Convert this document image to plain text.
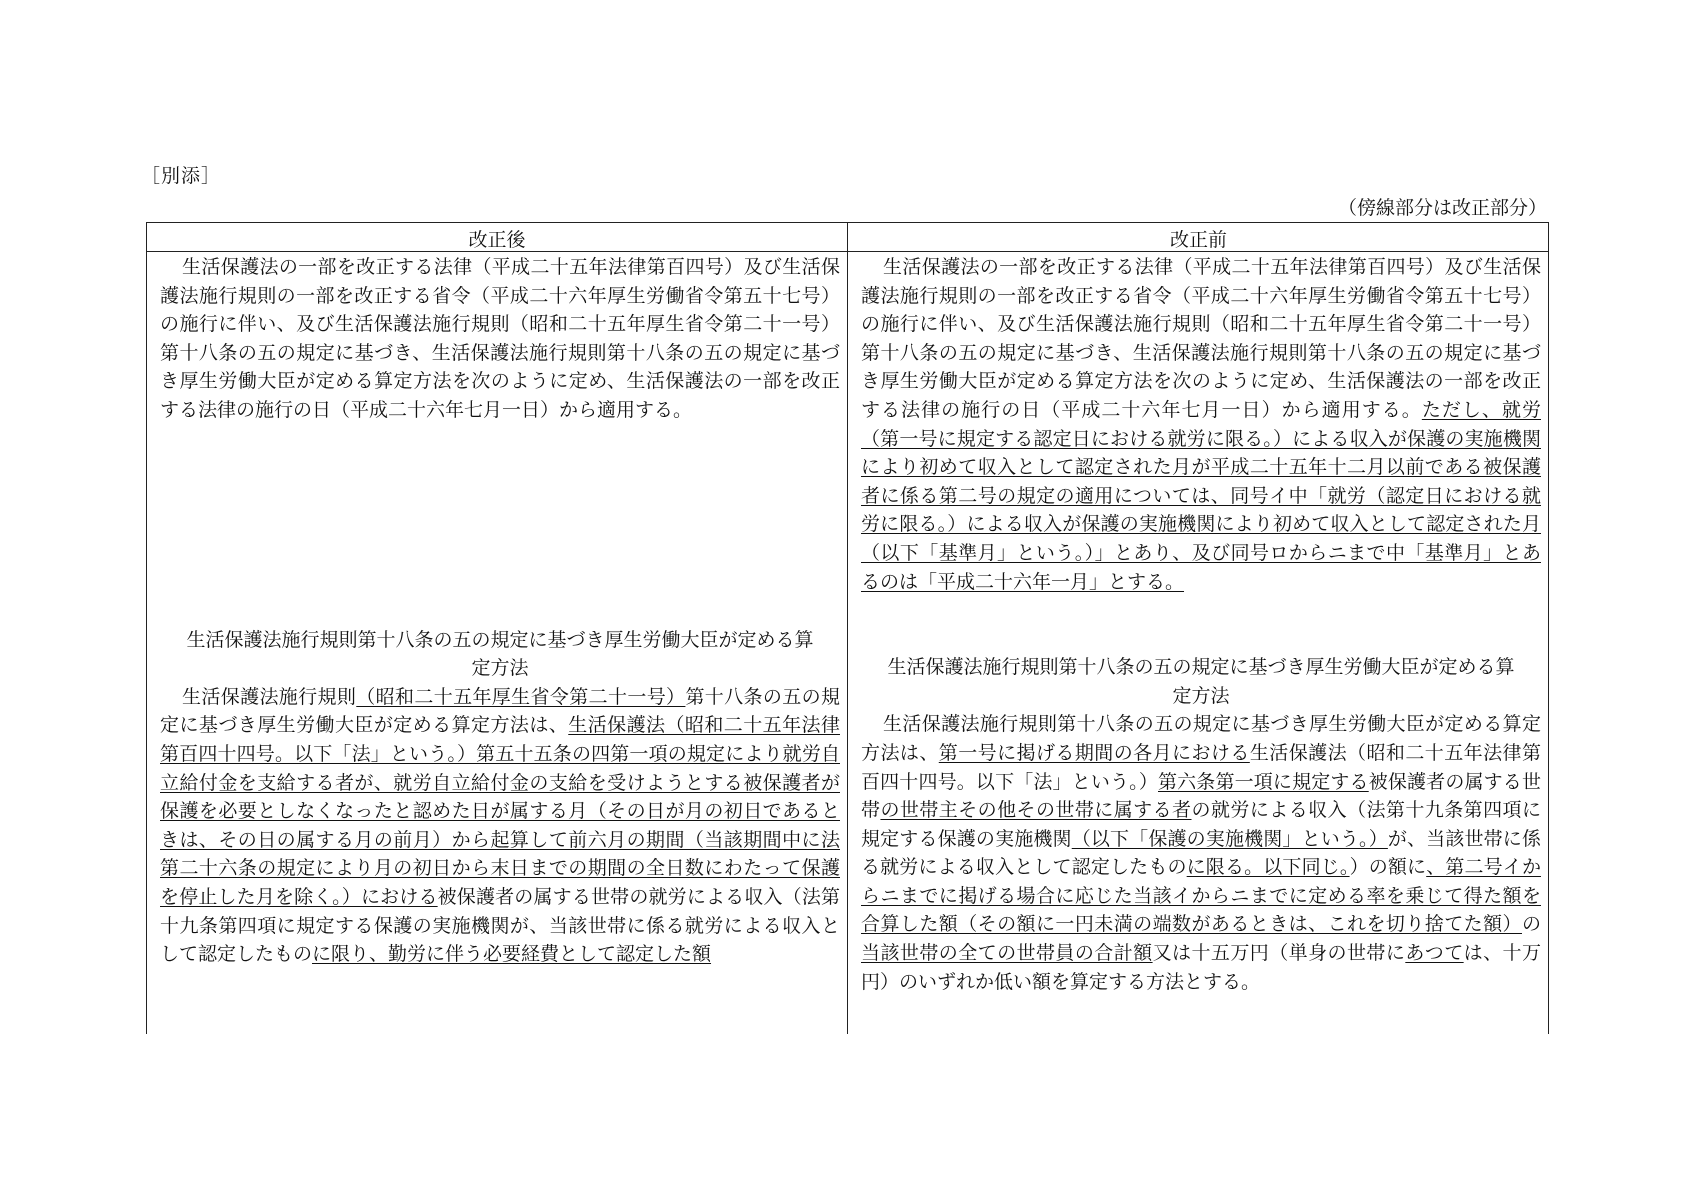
［別添］
（傍線部分は改正部分）
改正後	改正前

生活保護法の一部を改正する法律（平成二十五年法律第百四号）及び生活保護法施行規則の一部を改正する省令（平成二十六年厚生労働省令第五十七号）の施行に伴い、及び生活保護法施行規則（昭和二十五年厚生省令第二十一号）第十八条の五の規定に基づき、生活保護法施行規則第十八条の五の規定に基づき厚生労働大臣が定める算定方法を次のように定め、生活保護法の一部を改正する法律の施行の日（平成二十六年七月一日）から適用する。

生活保護法施行規則第十八条の五の規定に基づき厚生労働大臣が定める算定方法

生活保護法施行規則（昭和二十五年厚生省令第二十一号）第十八条の五の規定に基づき厚生労働大臣が定める算定方法は、生活保護法（昭和二十五年法律第百四十四号。以下「法」という。）第五十五条の四第一項の規定により就労自立給付金を支給する者が、就労自立給付金の支給を受けようとする被保護者が保護を必要としなくなったと認めた日が属する月（その日が月の初日であるときは、その日の属する月の前月）から起算して前六月の期間（当該期間中に法第二十六条の規定により月の初日から末日までの期間の全日数にわたって保護を停止した月を除く。）における被保護者の属する世帯の就労による収入（法第十九条第四項に規定する保護の実施機関が、当該世帯に係る就労による収入として認定したものに限り、勤労に伴う必要経費として認定した額

生活保護法の一部を改正する法律（平成二十五年法律第百四号）及び生活保護法施行規則の一部を改正する省令（平成二十六年厚生労働省令第五十七号）の施行に伴い、及び生活保護法施行規則（昭和二十五年厚生省令第二十一号）第十八条の五の規定に基づき、生活保護法施行規則第十八条の五の規定に基づき厚生労働大臣が定める算定方法を次のように定め、生活保護法の一部を改正する法律の施行の日（平成二十六年七月一日）から適用する。ただし、就労（第一号に規定する認定日における就労に限る。）による収入が保護の実施機関により初めて収入として認定された月が平成二十五年十二月以前である被保護者に係る第二号の規定の適用については、同号イ中「就労（認定日における就労に限る。）による収入が保護の実施機関により初めて収入として認定された月（以下「基準月」という。）」とあり、及び同号ロからニまで中「基準月」とあるのは「平成二十六年一月」とする。

生活保護法施行規則第十八条の五の規定に基づき厚生労働大臣が定める算定方法

生活保護法施行規則第十八条の五の規定に基づき厚生労働大臣が定める算定方法は、第一号に掲げる期間の各月における生活保護法（昭和二十五年法律第百四十四号。以下「法」という。）第六条第一項に規定する被保護者の属する世帯の世帯主その他その世帯に属する者の就労による収入（法第十九条第四項に規定する保護の実施機関（以下「保護の実施機関」という。）が、当該世帯に係る就労による収入として認定したものに限る。以下同じ。）の額に、第二号イからニまでに掲げる場合に応じた当該イからニまでに定める率を乗じて得た額を合算した額（その額に一円未満の端数があるときは、これを切り捨てた額）の当該世帯の全ての世帯員の合計額又は十五万円（単身の世帯にあつては、十万円）のいずれか低い額を算定する方法とする。
